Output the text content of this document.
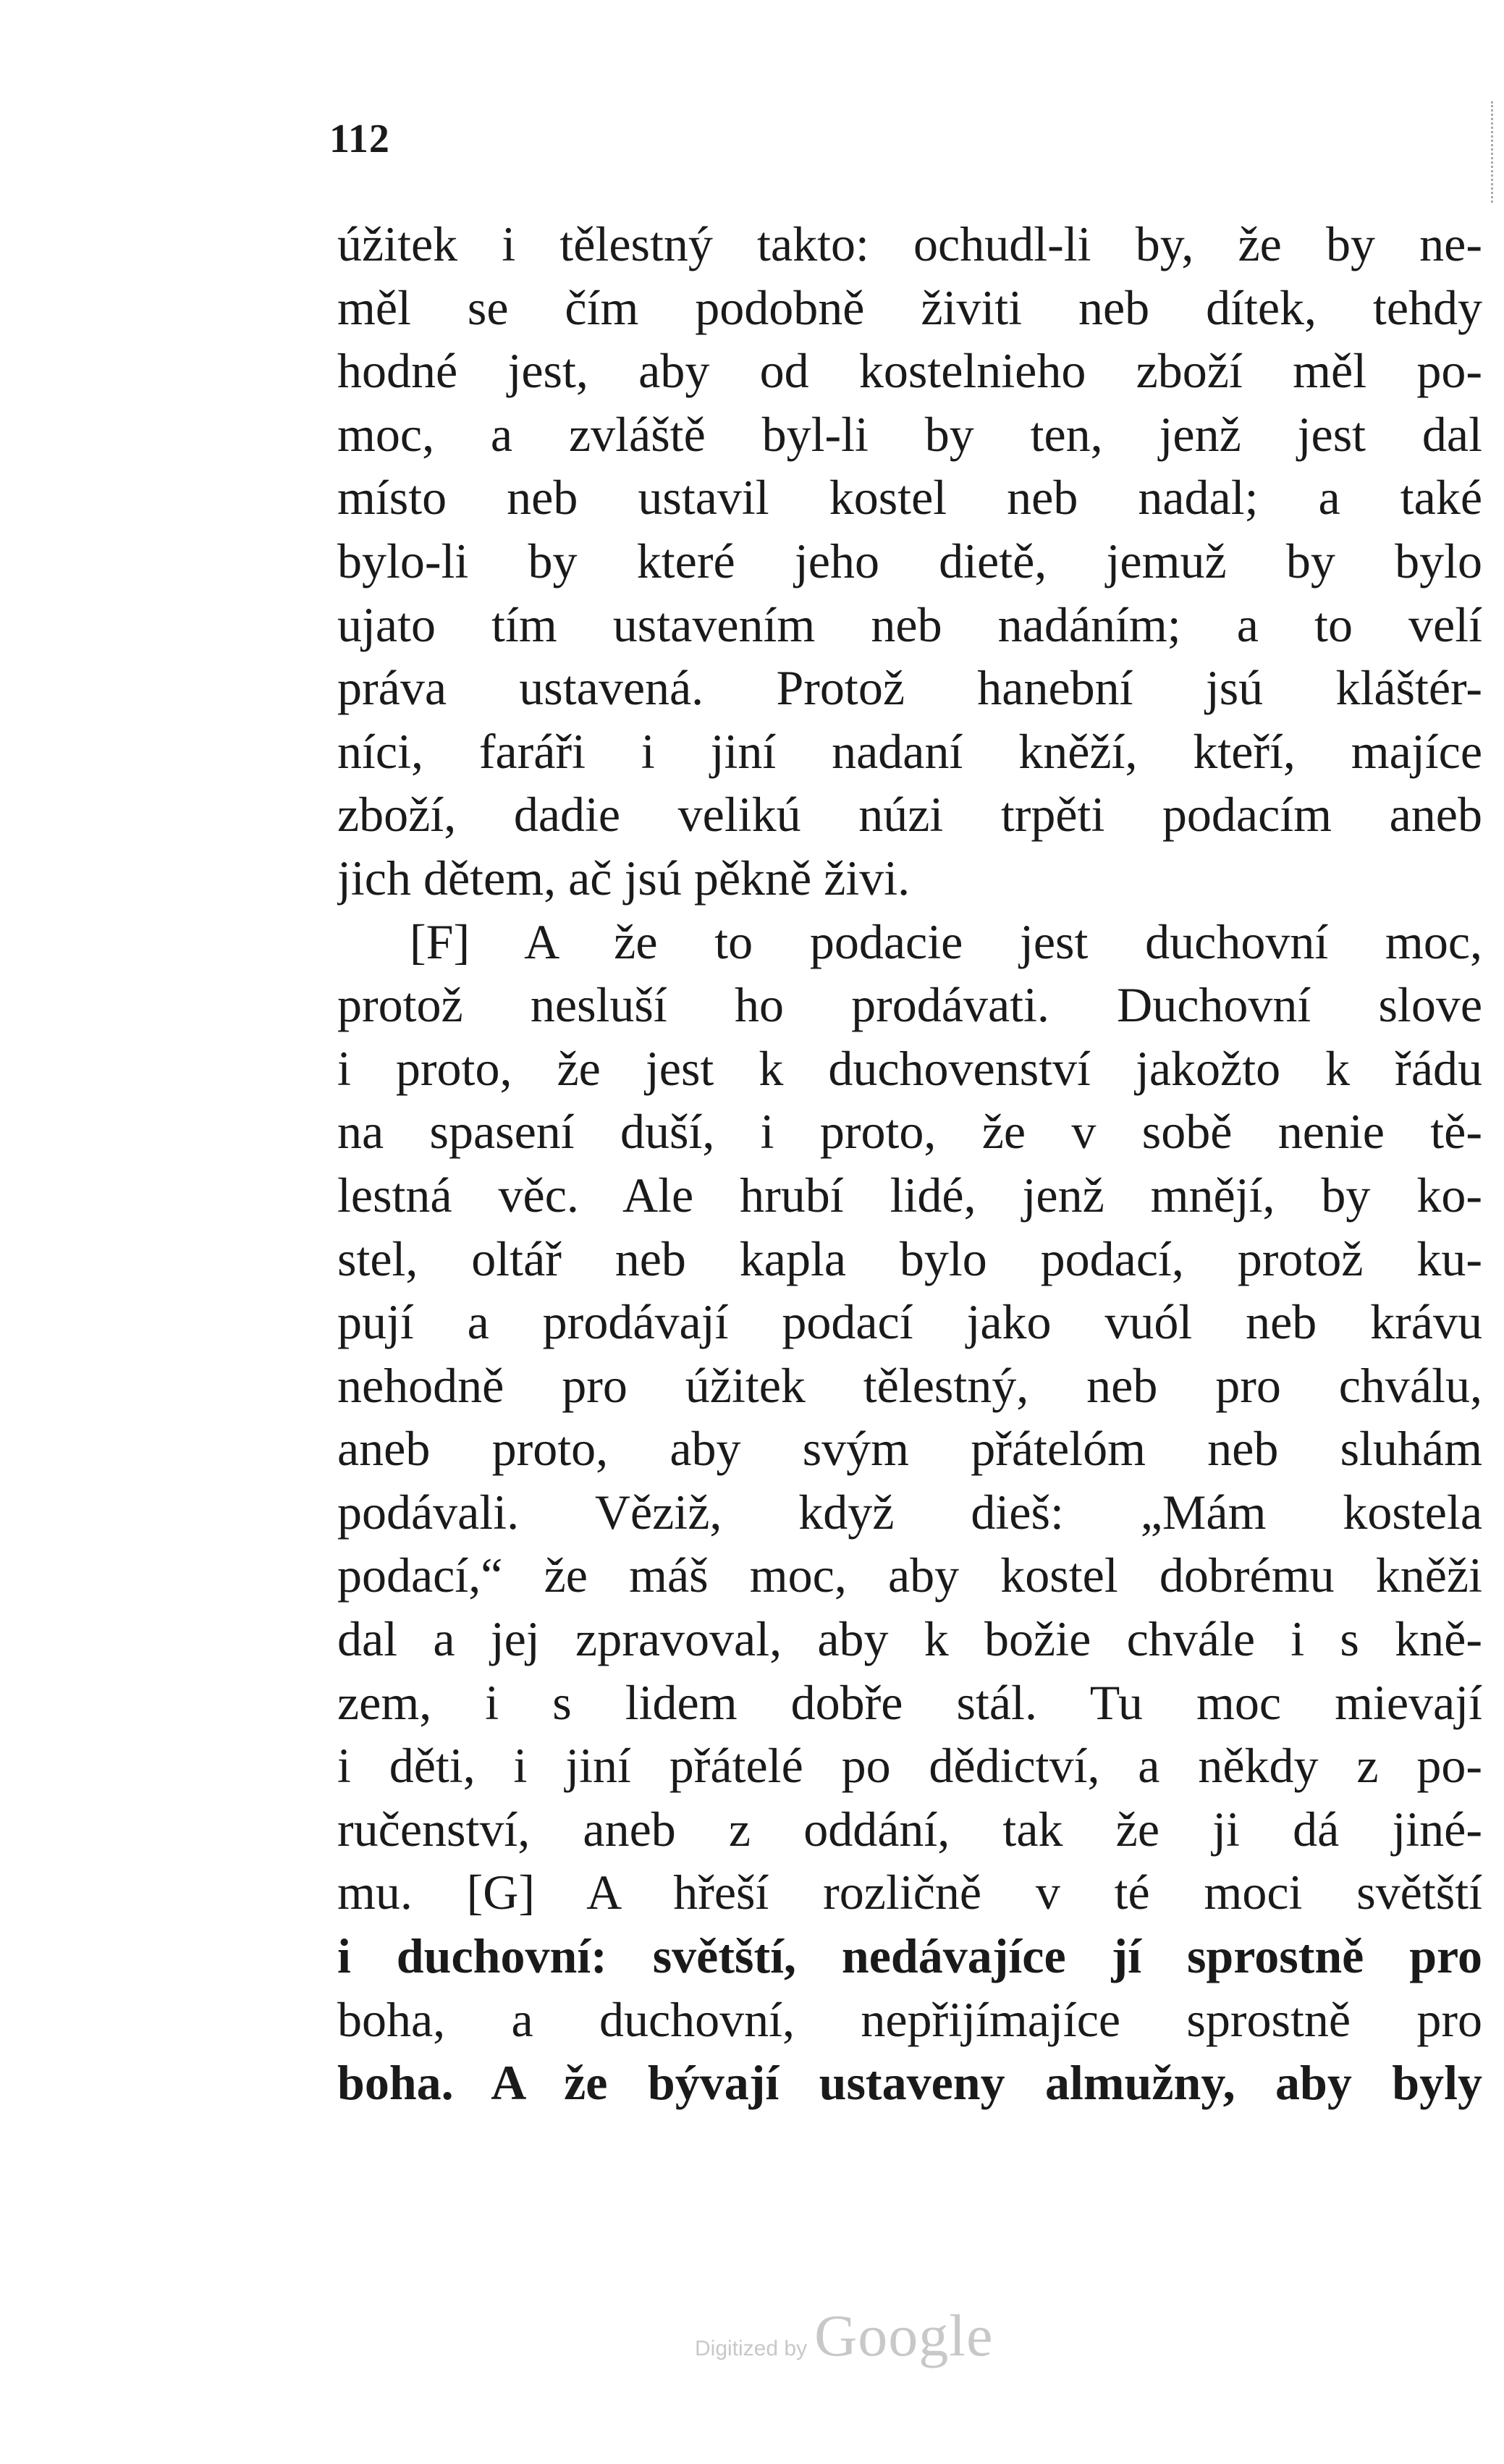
112
úžitek i tělestný takto: ochudl-li by, že by ne-
měl se čím podobně živiti neb dítek, tehdy
hodné jest, aby od kostelnieho zboží měl po-
moc, a zvláště byl-li by ten, jenž jest dal
místo neb ustavil kostel neb nadal; a také
bylo-li by které jeho dietě, jemuž by bylo
ujato tím ustavením neb nadáním; a to velí
práva ustavená. Protož hanební jsú kláštér-
níci, faráři i jiní nadaní kněží, kteří, majíce
zboží, dadie velikú núzi trpěti podacím aneb
jich dětem, ač jsú pěkně živi.
[F] A že to podacie jest duchovní moc,
protož nesluší ho prodávati. Duchovní slove
i proto, že jest k duchovenství jakožto k řádu
na spasení duší, i proto, že v sobě nenie tě-
lestná věc. Ale hrubí lidé, jenž mnějí, by ko-
stel, oltář neb kapla bylo podací, protož ku-
pují a prodávají podací jako vuól neb krávu
nehodně pro úžitek tělestný, neb pro chválu,
aneb proto, aby svým přátelóm neb sluhám
podávali. Věziž, když dieš: „Mám kostela
podací,“ že máš moc, aby kostel dobrému kněži
dal a jej zpravoval, aby k božie chvále i s kně-
zem, i s lidem dobře stál. Tu moc mievají
i děti, i jiní přátelé po dědictví, a někdy z po-
ručenství, aneb z oddání, tak že ji dá jiné-
mu. [G] A hřeší rozličně v té moci světští
i duchovní: světští, nedávajíce jí sprostně pro
boha, a duchovní, nepřijímajíce sprostně pro
boha. A že bývají ustaveny almužny, aby byly
Digitized by Google
